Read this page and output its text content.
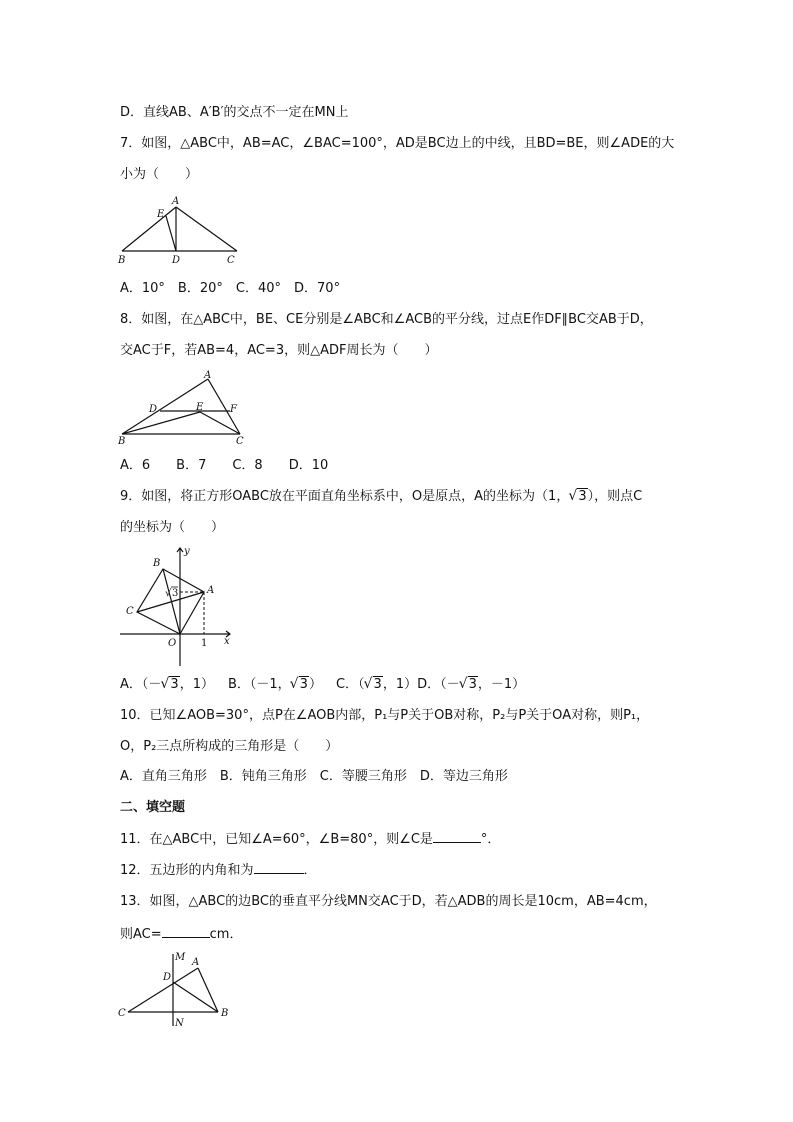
D．直线AB、A′B′的交点不一定在MN上
7．如图，△ABC中，AB=AC，∠BAC=100°，AD是BC边上的中线，且BD=BE，则∠ADE的大
小为（　　）
A
E
B	D	C
A．10°　B．20°　C．40°　D．70°
8．如图，在△ABC中，BE、CE分别是∠ABC和∠ACB的平分线，过点E作DF∥BC交AB于D，
交AC于F，若AB=4，AC=3，则△ADF周长为（　　）
A
D	E	F
B	C
A．6　　B．7　　C．8　　D．10
9．如图，将正方形OABC放在平面直角坐标系中，O是原点，A的坐标为（1， √ 3），则点C
的坐标为（　　）
y
B
A
√ 3
C
O 1 x
A．（－ √ 3，1） B．（－1， √ 3） C．（ √ 3，1）D．（－ √ 3，－1）
10．已知∠AOB=30°，点P在∠AOB内部，P₁与P关于OB对称，P₂与P关于OA对称，则P₁，
O，P₂三点所构成的三角形是（　　）
A．直角三角形　B．钝角三角形　C．等腰三角形　D．等边三角形
二、填空题
11．在△ABC中，已知∠A=60°，∠B=80°，则∠C是	°．
12．五边形的内角和为	．
13．如图，△ABC的边BC的垂直平分线MN交AC于D，若△ADB的周长是10cm，AB=4cm，
则AC=	cm．
M A
D
C	B
N
